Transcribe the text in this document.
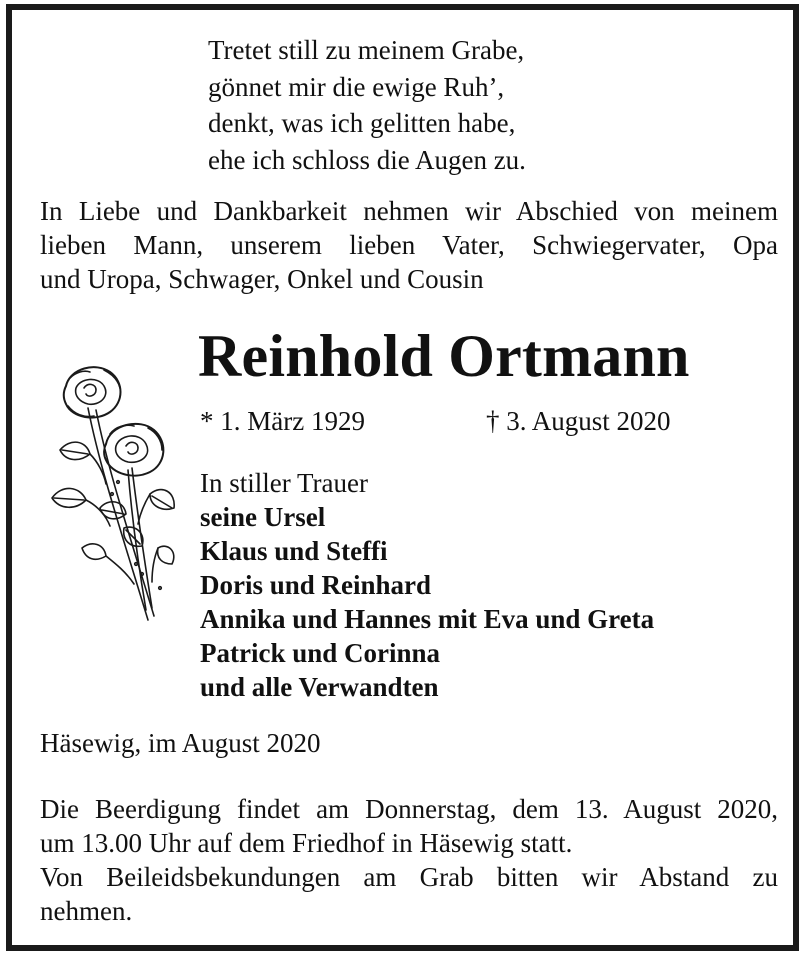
Tretet still zu meinem Grabe,
gönnet mir die ewige Ruh’,
denkt, was ich gelitten habe,
ehe ich schloss die Augen zu.
In Liebe und Dankbarkeit nehmen wir Abschied von meinem
lieben Mann, unserem lieben Vater, Schwiegervater, Opa
und Uropa, Schwager, Onkel und Cousin
Reinhold Ortmann
* 1. März 1929	† 3. August 2020
In stiller Trauer
seine Ursel
Klaus und Steffi
Doris und Reinhard
Annika und Hannes mit Eva und Greta
Patrick und Corinna
und alle Verwandten
Häsewig, im August 2020
Die Beerdigung findet am Donnerstag, dem 13. August 2020,
um 13.00 Uhr auf dem Friedhof in Häsewig statt.
Von Beileidsbekundungen am Grab bitten wir Abstand zu
nehmen.
